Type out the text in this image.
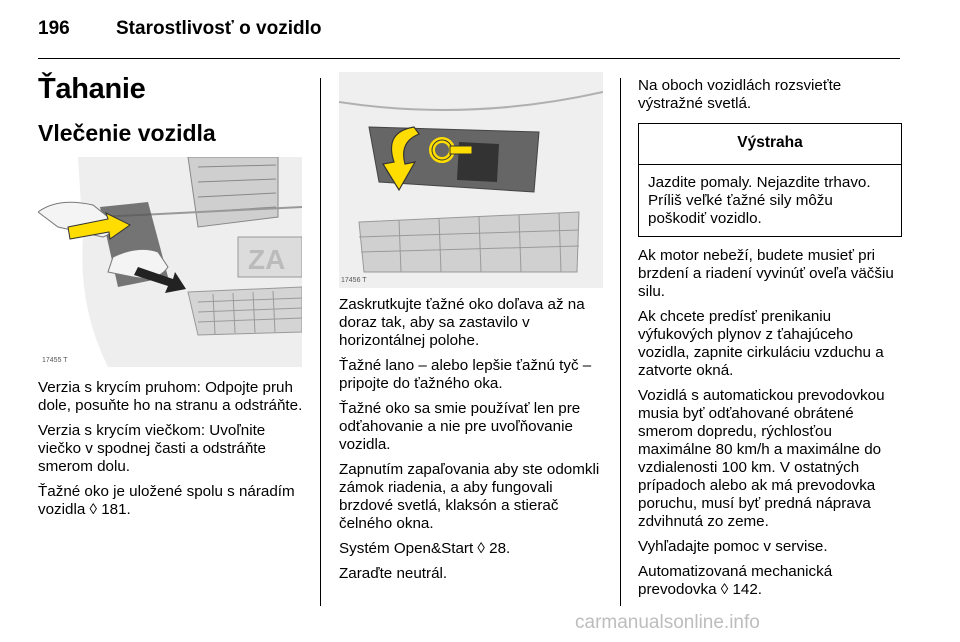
196 Starostlivosť o vozidlo
Ťahanie
Vlečenie vozidla
ZA
17455 T

Verzia s krycím pruhom: Odpojte pruh dole, posuňte ho na stranu a odstráňte.

Verzia s krycím viečkom: Uvoľnite viečko v spodnej časti a odstráňte smerom dolu.

Ťažné oko je uložené spolu s náradím vozidla ◊ 181.

17456 T

Zaskrutkujte ťažné oko doľava až na doraz tak, aby sa zastavilo v horizontálnej polohe.

Ťažné lano – alebo lepšie ťažnú tyč – pripojte do ťažného oka.

Ťažné oko sa smie používať len pre odťahovanie a nie pre uvoľňovanie vozidla.

Zapnutím zapaľovania aby ste odomkli zámok riadenia, a aby fungovali brzdové svetlá, klaksón a stierač čelného okna.

Systém Open&Start ◊ 28.

Zaraďte neutrál.

Na oboch vozidlách rozsvieťte výstražné svetlá.

Výstraha
Jazdite pomaly. Nejazdite trhavo. Príliš veľké ťažné sily môžu poškodiť vozidlo.

Ak motor nebeží, budete musieť pri brzdení a riadení vyvinúť oveľa väčšiu silu.

Ak chcete predísť prenikaniu výfukových plynov z ťahajúceho vozidla, zapnite cirkuláciu vzduchu a zatvorte okná.

Vozidlá s automatickou prevodovkou musia byť odťahované obrátené smerom dopredu, rýchlosťou maximálne 80 km/h a maximálne do vzdialenosti 100 km. V ostatných prípadoch alebo ak má prevodovka poruchu, musí byť predná náprava zdvihnutá zo zeme.

Vyhľadajte pomoc v servise.

Automatizovaná mechanická prevodovka ◊ 142.

carmanualsonline.info
